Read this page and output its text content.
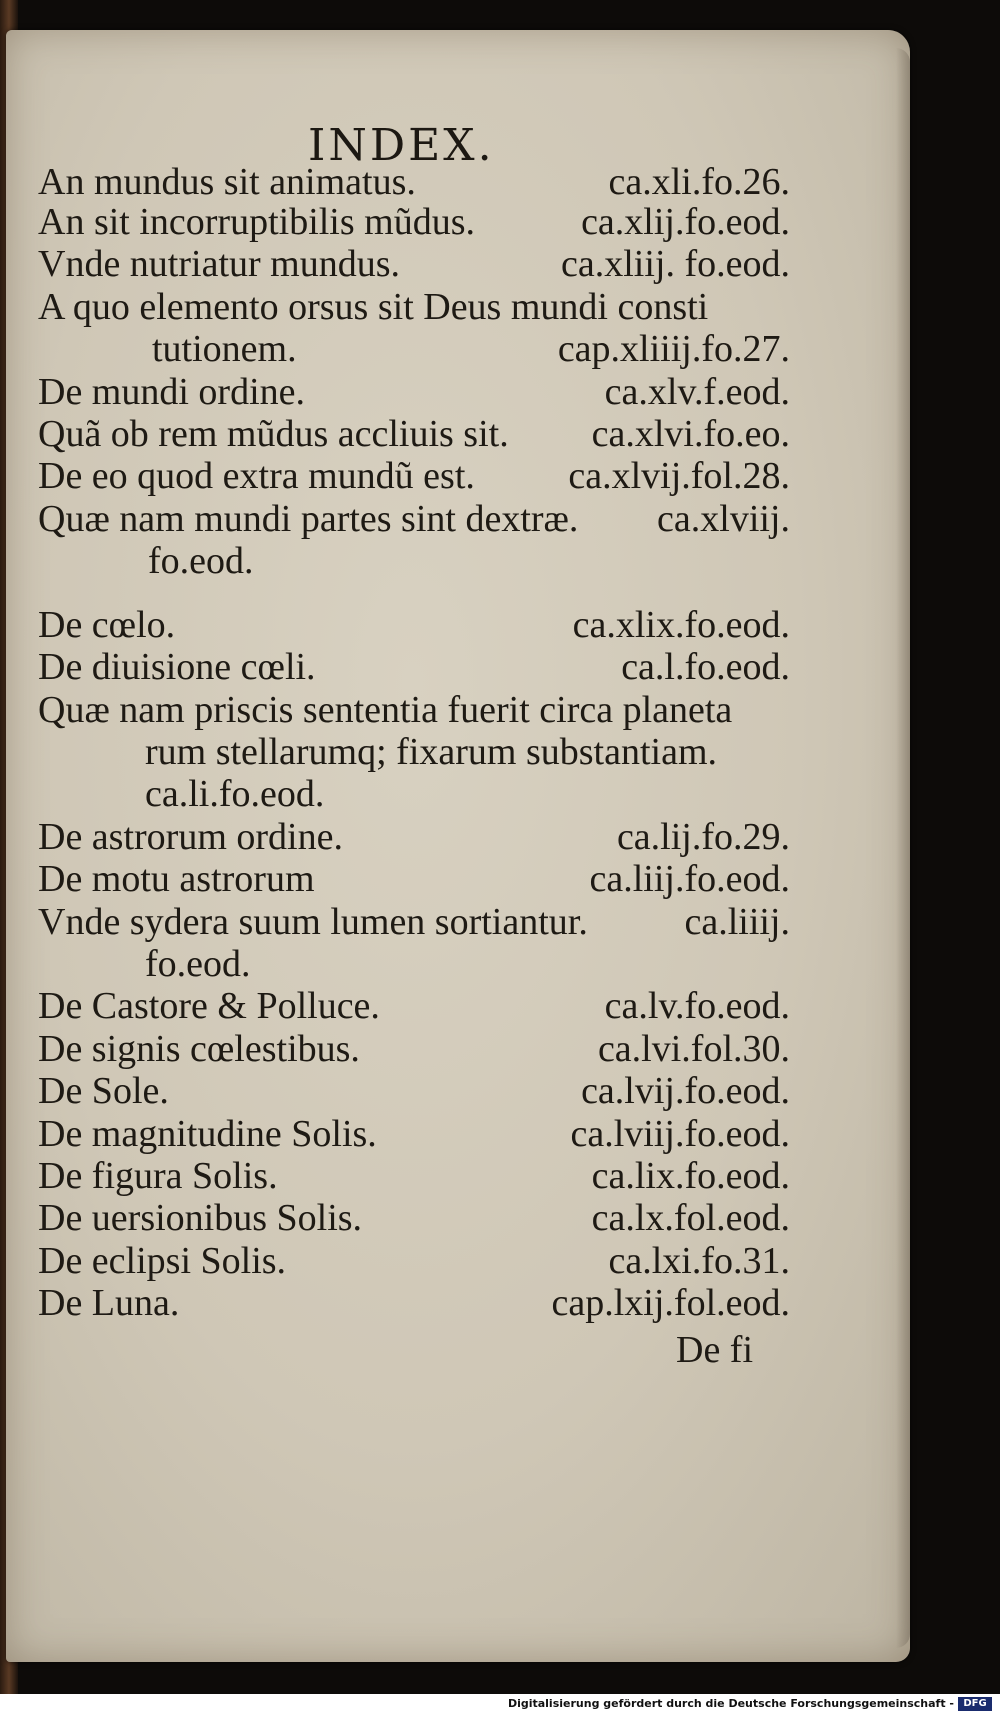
INDEX.
An mundus sit animatus.	ca.xli.fo.26.
An sit incorruptibilis mũdus.	ca.xlij.fo.eod.
Vnde nutriatur mundus.	ca.xliij. fo.eod.
A quo elemento orsus sit Deus mundi consti
tutionem.	cap.xliiij.fo.27.
De mundi ordine.	ca.xlv.f.eod.
Quã ob rem mũdus accliuis sit. ca.xlvi.fo.eo.
De eo quod extra mundũ est. ca.xlvij.fol.28.
Quæ nam mundi partes sint dextræ. ca.xlviij.
fo.eod.
De cœlo.	ca.xlix.fo.eod.
De diuisione cœli.	ca.l.fo.eod.
Quæ nam priscis sententia fuerit circa planeta
rum stellarumq; fixarum substantiam.
ca.li.fo.eod.
De astrorum ordine.	ca.lij.fo.29.
De motu astrorum	ca.liij.fo.eod.
Vnde sydera suum lumen sortiantur.	ca.liiij.
fo.eod.
De Castore & Polluce.	ca.lv.fo.eod.
De signis cœlestibus.	ca.lvi.fol.30.
De Sole.	ca.lvij.fo.eod.
De magnitudine Solis.	ca.lviij.fo.eod.
De figura Solis.	ca.lix.fo.eod.
De uersionibus Solis.	ca.lx.fol.eod.
De eclipsi Solis.	ca.lxi.fo.31.
De Luna.	cap.lxij.fol.eod.
De fi
Digitalisierung gefördert durch die Deutsche Forschungsgemeinschaft - DFG
